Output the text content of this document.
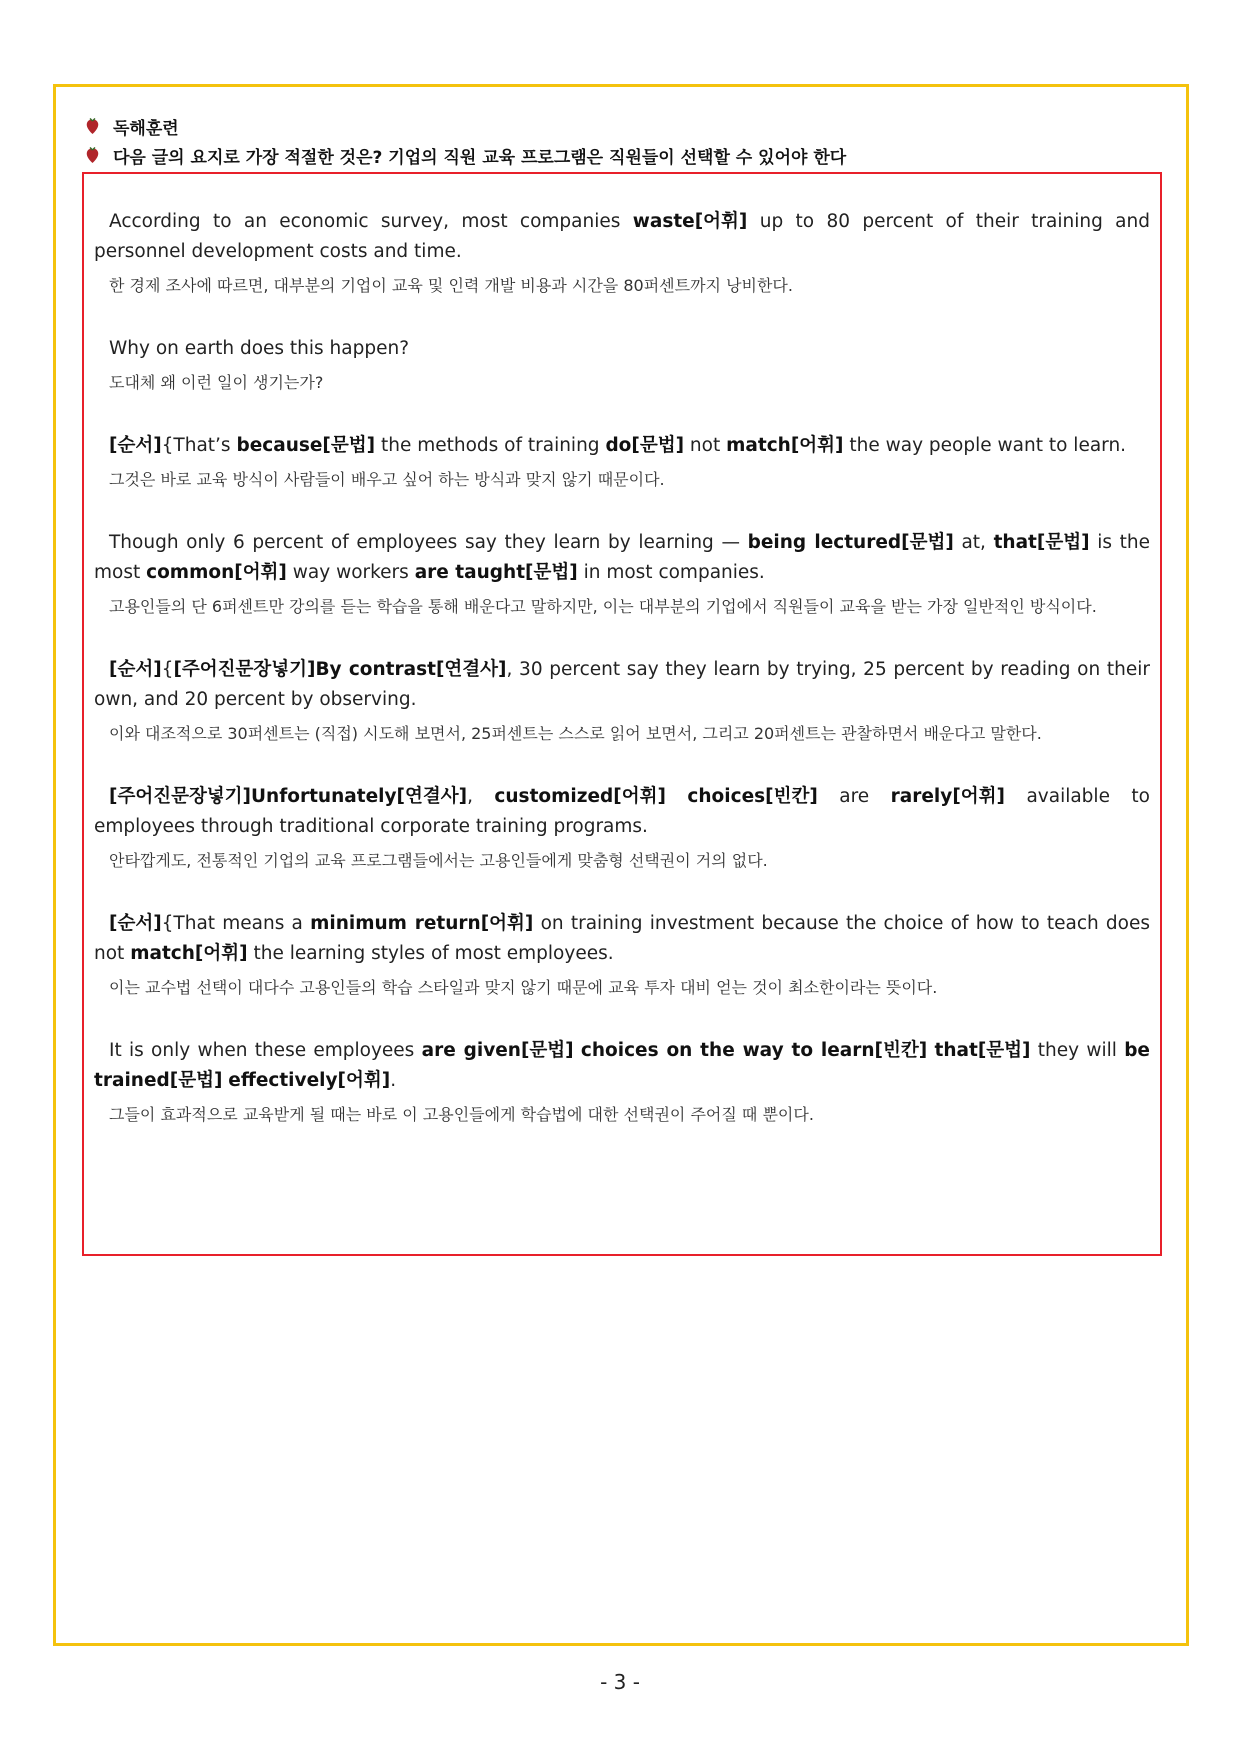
독해훈련
다음 글의 요지로 가장 적절한 것은? 기업의 직원 교육 프로그램은 직원들이 선택할 수 있어야 한다

According to an economic survey, most companies waste[어휘] up to 80 percent of their training and personnel development costs and time.

한 경제 조사에 따르면, 대부분의 기업이 교육 및 인력 개발 비용과 시간을 80퍼센트까지 낭비한다.

Why on earth does this happen?

도대체 왜 이런 일이 생기는가?

[순서]{That’s because[문법] the methods of training do[문법] not match[어휘] the way people want to learn.

그것은 바로 교육 방식이 사람들이 배우고 싶어 하는 방식과 맞지 않기 때문이다.

Though only 6 percent of employees say they learn by learning — being lectured[문법] at, that[문법] is the most common[어휘] way workers are taught[문법] in most companies.

고용인들의 단 6퍼센트만 강의를 듣는 학습을 통해 배운다고 말하지만, 이는 대부분의 기업에서 직원들이 교육을 받는 가장 일반적인 방식이다.

[순서]{[주어진문장넣기]By contrast[연결사], 30 percent say they learn by trying, 25 percent by reading on their own, and 20 percent by observing.

이와 대조적으로 30퍼센트는 (직접) 시도해 보면서, 25퍼센트는 스스로 읽어 보면서, 그리고 20퍼센트는 관찰하면서 배운다고 말한다.

[주어진문장넣기]Unfortunately[연결사], customized[어휘] choices[빈칸] are rarely[어휘] available to employees through traditional corporate training programs.

안타깝게도, 전통적인 기업의 교육 프로그램들에서는 고용인들에게 맞춤형 선택권이 거의 없다.

[순서]{That means a minimum return[어휘] on training investment because the choice of how to teach does not match[어휘] the learning styles of most employees.

이는 교수법 선택이 대다수 고용인들의 학습 스타일과 맞지 않기 때문에 교육 투자 대비 얻는 것이 최소한이라는 뜻이다.

It is only when these employees are given[문법] choices on the way to learn[빈칸] that[문법] they will be trained[문법] effectively[어휘].

그들이 효과적으로 교육받게 될 때는 바로 이 고용인들에게 학습법에 대한 선택권이 주어질 때 뿐이다.

- 3 -
